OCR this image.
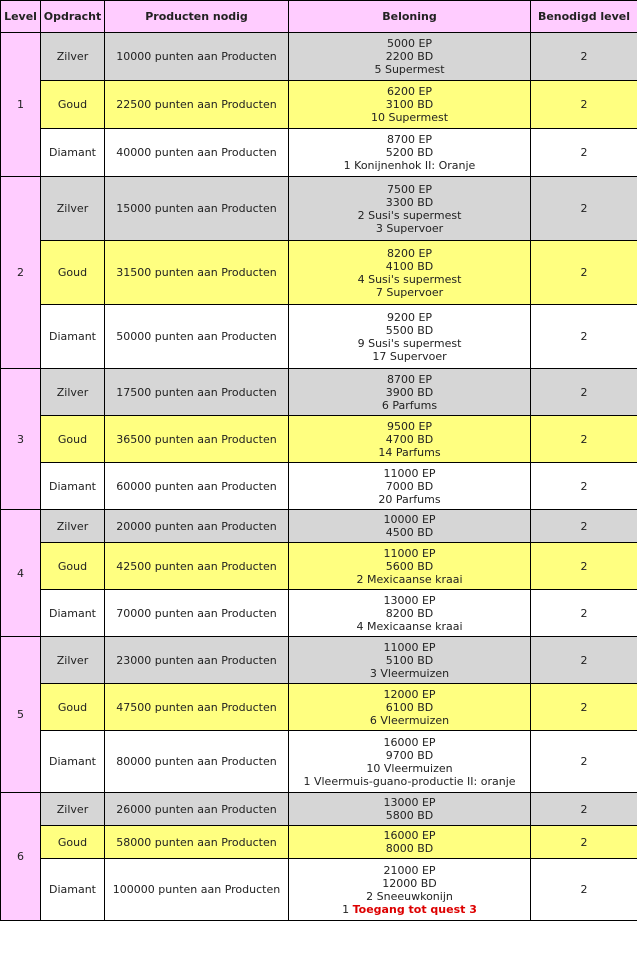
Level	Opdracht	Producten nodig	Beloning	Benodigd level
1	Zilver	10000 punten aan Producten	5000 EP
2200 BD
5 Supermest	2
	Goud	22500 punten aan Producten	6200 EP
3100 BD
10 Supermest	2
	Diamant	40000 punten aan Producten	8700 EP
5200 BD
1 Konijnenhok II: Oranje	2
2	Zilver	15000 punten aan Producten	7500 EP
3300 BD
2 Susi's supermest
3 Supervoer	2
	Goud	31500 punten aan Producten	8200 EP
4100 BD
4 Susi's supermest
7 Supervoer	2
	Diamant	50000 punten aan Producten	9200 EP
5500 BD
9 Susi's supermest
17 Supervoer	2
3	Zilver	17500 punten aan Producten	8700 EP
3900 BD
6 Parfums	2
	Goud	36500 punten aan Producten	9500 EP
4700 BD
14 Parfums	2
	Diamant	60000 punten aan Producten	11000 EP
7000 BD
20 Parfums	2
4	Zilver	20000 punten aan Producten	10000 EP
4500 BD	2
	Goud	42500 punten aan Producten	11000 EP
5600 BD
2 Mexicaanse kraai	2
	Diamant	70000 punten aan Producten	13000 EP
8200 BD
4 Mexicaanse kraai	2
5	Zilver	23000 punten aan Producten	11000 EP
5100 BD
3 Vleermuizen	2
	Goud	47500 punten aan Producten	12000 EP
6100 BD
6 Vleermuizen	2
	Diamant	80000 punten aan Producten	16000 EP
9700 BD
10 Vleermuizen
1 Vleermuis-guano-productie II: oranje	2
6	Zilver	26000 punten aan Producten	13000 EP
5800 BD	2
	Goud	58000 punten aan Producten	16000 EP
8000 BD	2
	Diamant	100000 punten aan Producten	21000 EP
12000 BD
2 Sneeuwkonijn
1 Toegang tot quest 3	2
